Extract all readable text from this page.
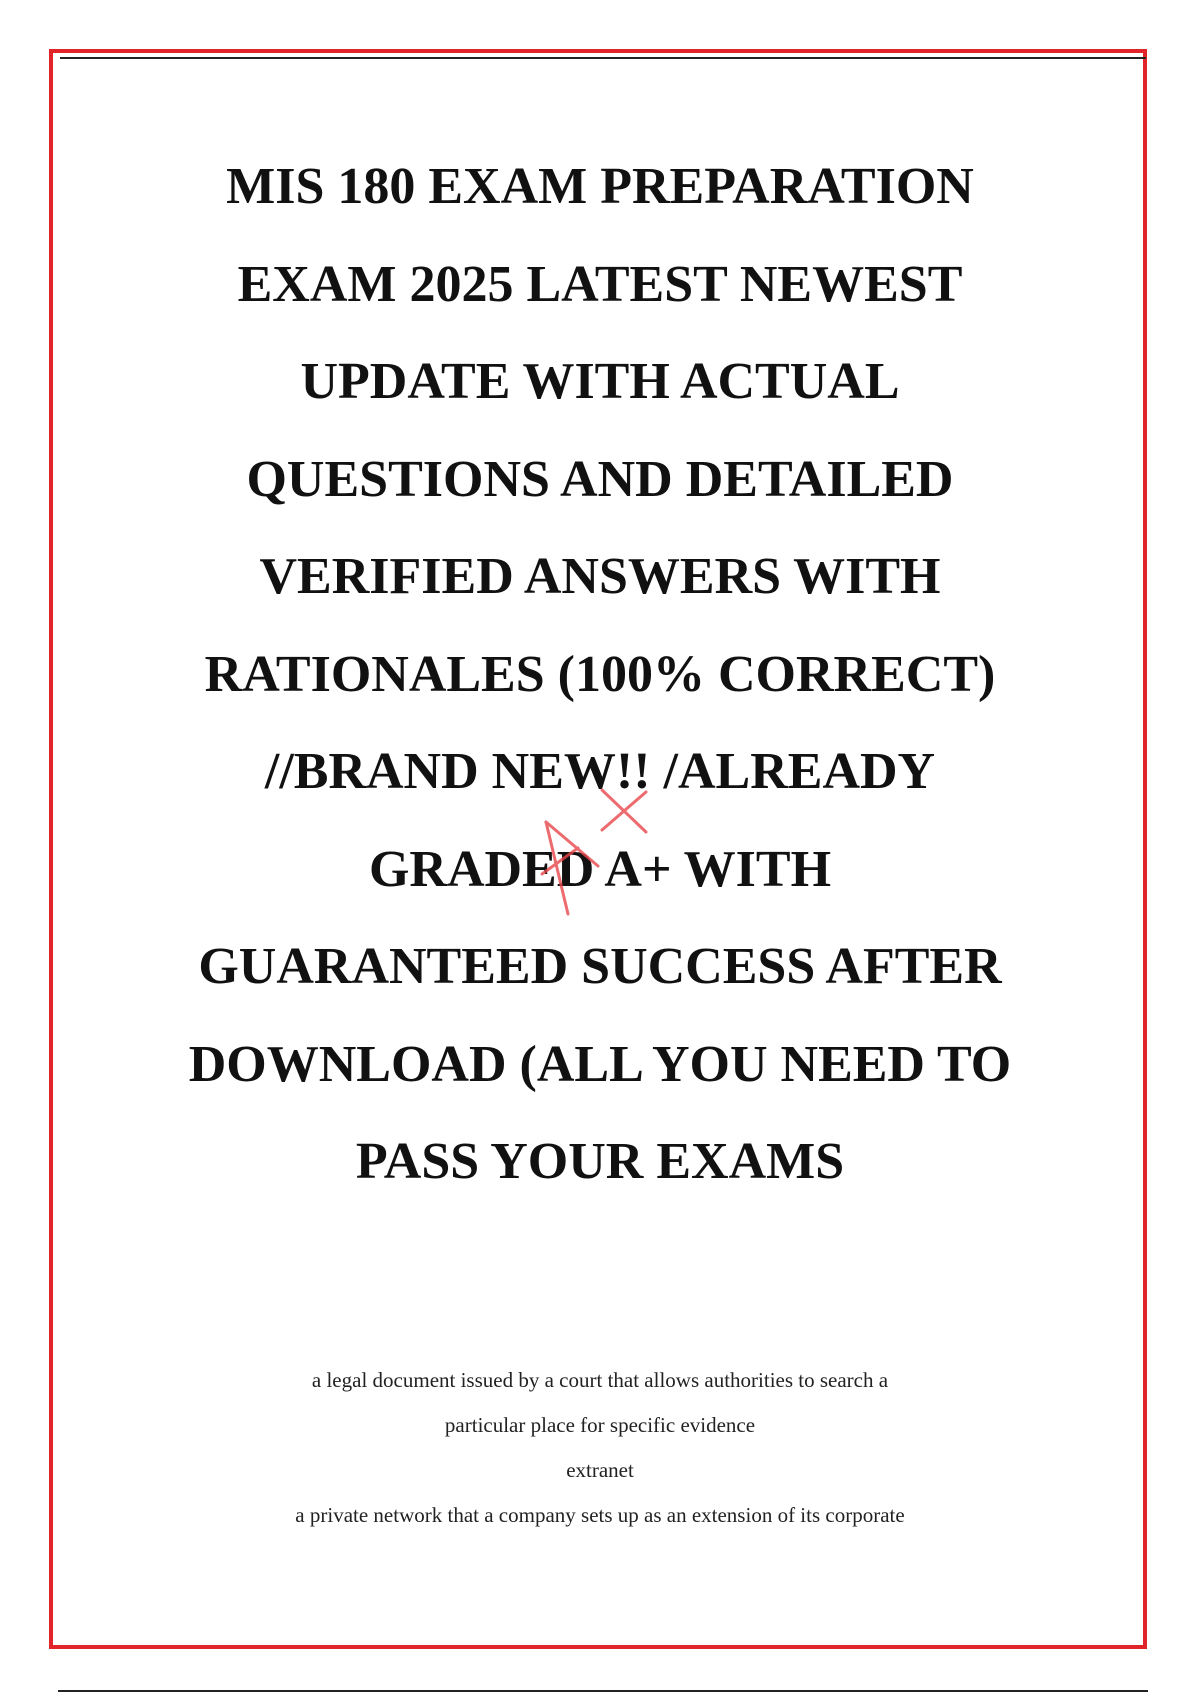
MIS 180 EXAM PREPARATION
EXAM 2025 LATEST NEWEST
UPDATE WITH ACTUAL
QUESTIONS AND DETAILED
VERIFIED ANSWERS WITH
RATIONALES (100% CORRECT)
//BRAND NEW!! /ALREADY
GRADED A+ WITH
GUARANTEED SUCCESS AFTER
DOWNLOAD (ALL YOU NEED TO
PASS YOUR EXAMS
a legal document issued by a court that allows authorities to search a
particular place for specific evidence
extranet
a private network that a company sets up as an extension of its corporate
